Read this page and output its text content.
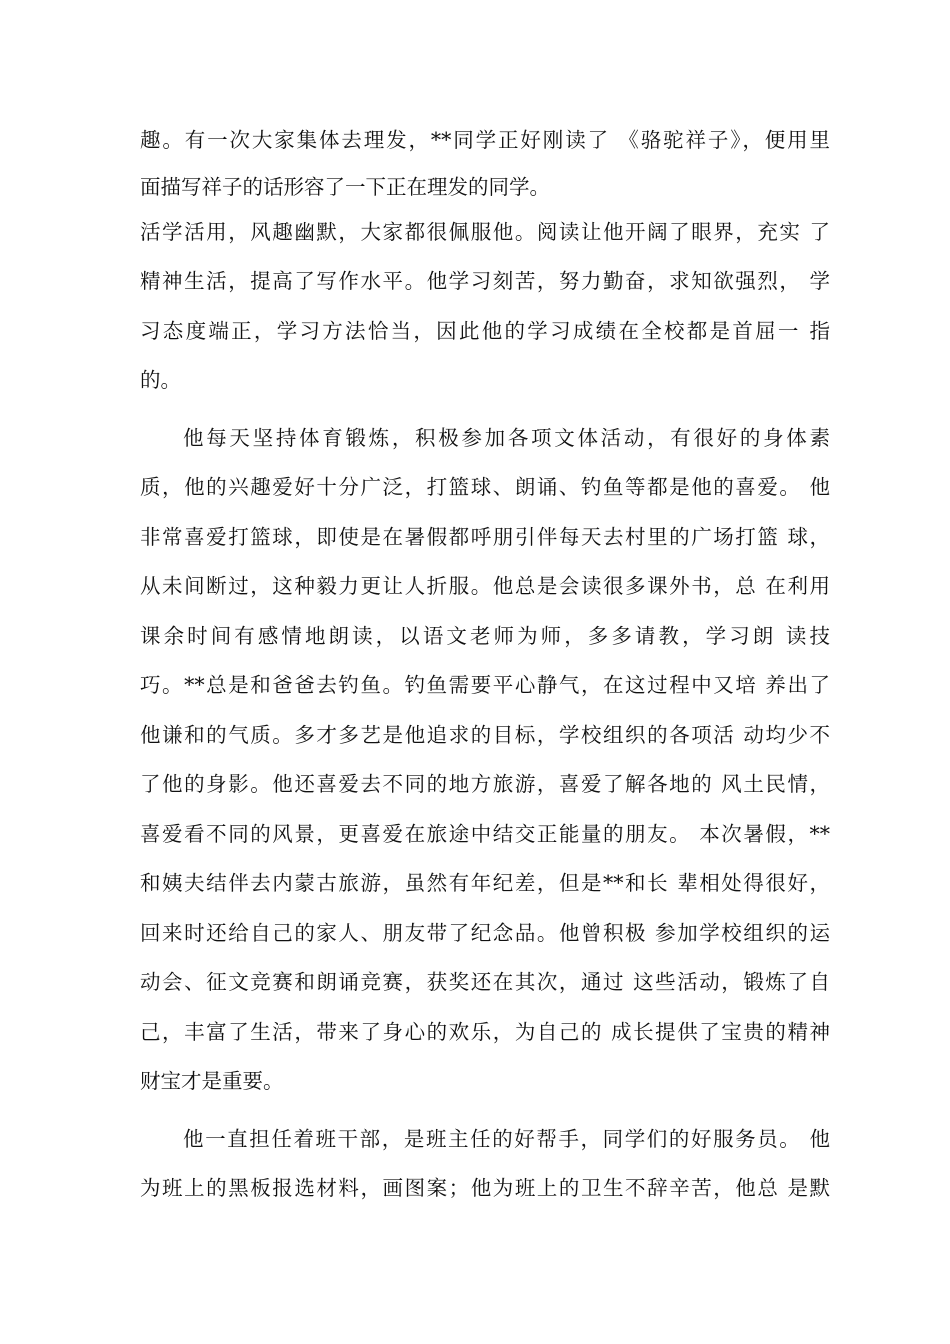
趣。有一次大家集体去理发，**同学正好刚读了 《骆驼祥子》，便用里
面描写祥子的话形容了一下正在理发的同学。
活学活用，风趣幽默，大家都很佩服他。阅读让他开阔了眼界，充实 了
精神生活，提高了写作水平。他学习刻苦，努力勤奋，求知欲强烈， 学
习态度端正，学习方法恰当，因此他的学习成绩在全校都是首屈一 指
的。
他每天坚持体育锻炼，积极参加各项文体活动，有很好的身体素
质，他的兴趣爱好十分广泛，打篮球、朗诵、钓鱼等都是他的喜爱。 他
非常喜爱打篮球，即使是在暑假都呼朋引伴每天去村里的广场打篮 球，
从未间断过，这种毅力更让人折服。他总是会读很多课外书，总 在利用
课余时间有感情地朗读，以语文老师为师，多多请教，学习朗 读技
巧。**总是和爸爸去钓鱼。钓鱼需要平心静气，在这过程中又培 养出了
他谦和的气质。多才多艺是他追求的目标，学校组织的各项活 动均少不
了他的身影。他还喜爱去不同的地方旅游，喜爱了解各地的 风土民情，
喜爱看不同的风景，更喜爱在旅途中结交正能量的朋友。 本次暑假，**
和姨夫结伴去内蒙古旅游，虽然有年纪差，但是**和长 辈相处得很好，
回来时还给自己的家人、朋友带了纪念品。他曾积极 参加学校组织的运
动会、征文竞赛和朗诵竞赛，获奖还在其次，通过 这些活动，锻炼了自
己，丰富了生活，带来了身心的欢乐，为自己的 成长提供了宝贵的精神
财宝才是重要。
他一直担任着班干部，是班主任的好帮手，同学们的好服务员。 他
为班上的黑板报选材料，画图案；他为班上的卫生不辞辛苦，他总 是默
